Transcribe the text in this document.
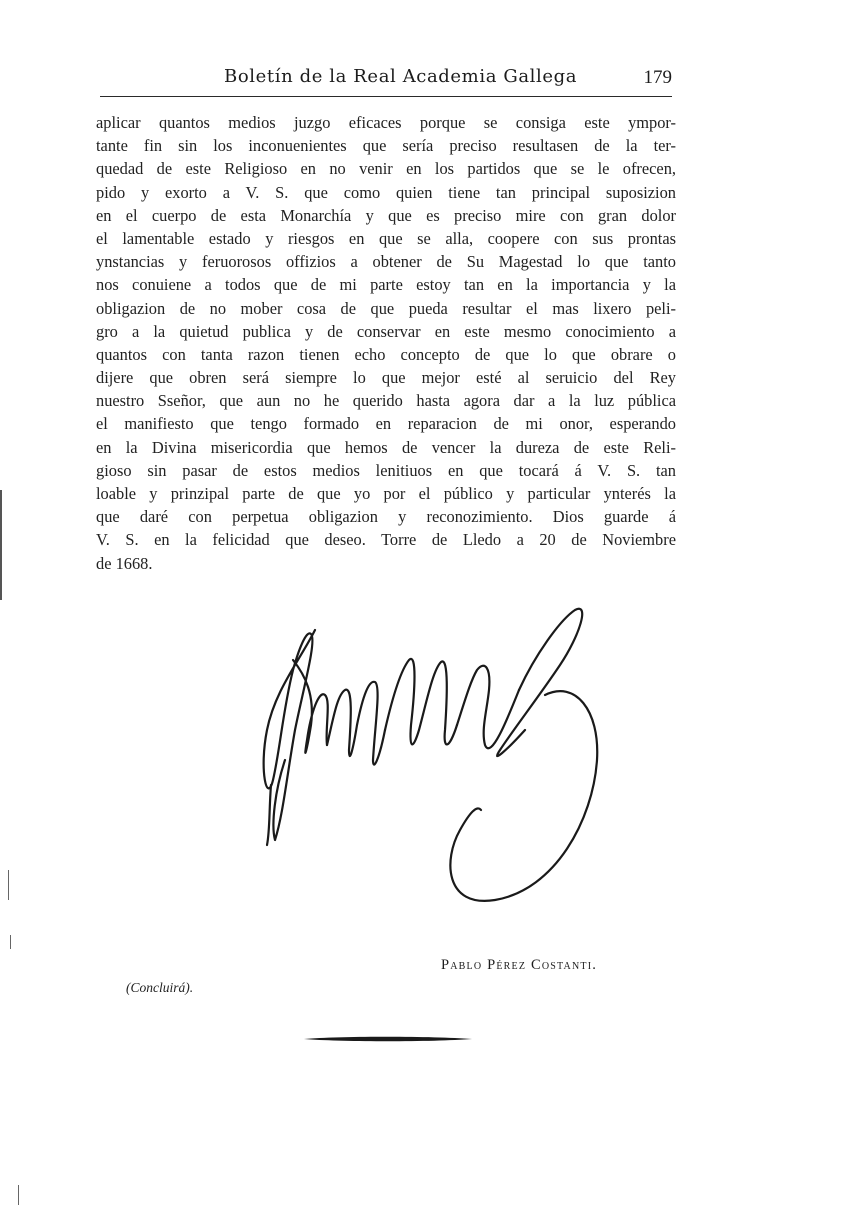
Boletín de la Real Academia Gallega	179
aplicar quantos medios juzgo eficaces porque se consiga este ympor-
tante fin sin los inconuenientes que sería preciso resultasen de la ter-
quedad de este Religioso en no venir en los partidos que se le ofrecen,
pido y exorto a V. S. que como quien tiene tan principal suposizion
en el cuerpo de esta Monarchía y que es preciso mire con gran dolor
el lamentable estado y riesgos en que se alla, coopere con sus prontas
ynstancias y feruorosos offizios a obtener de Su Magestad lo que tanto
nos conuiene a todos que de mi parte estoy tan en la importancia y la
obligazion de no mober cosa de que pueda resultar el mas lixero peli-
gro a la quietud publica y de conservar en este mesmo conocimiento a
quantos con tanta razon tienen echo concepto de que lo que obrare o
dijere que obren será siempre lo que mejor esté al seruicio del Rey
nuestro Sseñor, que aun no he querido hasta agora dar a la luz pública
el manifiesto que tengo formado en reparacion de mi onor, esperando
en la Divina misericordia que hemos de vencer la dureza de este Reli-
gioso sin pasar de estos medios lenitiuos en que tocará á V. S. tan
loable y prinzipal parte de que yo por el público y particular ynterés la
que daré con perpetua obligazion y reconozimiento. Dios guarde á
V. S. en la felicidad que deseo. Torre de Lledo a 20 de Noviembre
de 1668.
Pablo Pérez Costanti.
(Concluirá).
